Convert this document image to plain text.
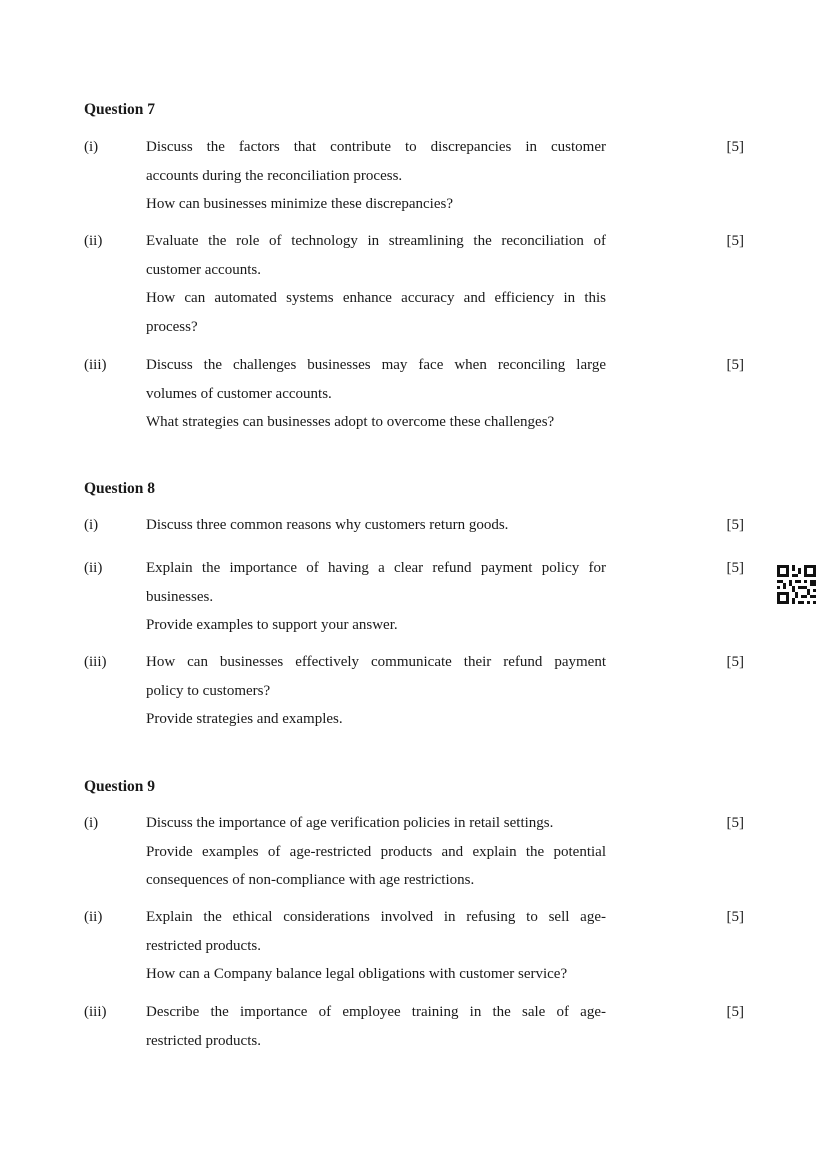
Question 7
(i)	Discuss the factors that contribute to discrepancies in customer
accounts during the reconciliation process.
How can businesses minimize these discrepancies?
[5]
(ii)	Evaluate the role of technology in streamlining the reconciliation of
customer accounts.
How can automated systems enhance accuracy and efficiency in this
process?
[5]
(iii)	Discuss the challenges businesses may face when reconciling large
volumes of customer accounts.
What strategies can businesses adopt to overcome these challenges?
[5]
Question 8
(i)	Discuss three common reasons why customers return goods.	[5]
(ii)	Explain the importance of having a clear refund payment policy for
businesses.
Provide examples to support your answer.
[5]
(iii)	How can businesses effectively communicate their refund payment
policy to customers?
Provide strategies and examples.
[5]
Question 9
(i)	Discuss the importance of age verification policies in retail settings.
Provide examples of age-restricted products and explain the potential
consequences of non-compliance with age restrictions.
[5]
(ii)	Explain the ethical considerations involved in refusing to sell age-
restricted products.
How can a Company balance legal obligations with customer service?
[5]
(iii)	Describe the importance of employee training in the sale of age-
restricted products.
[5]
